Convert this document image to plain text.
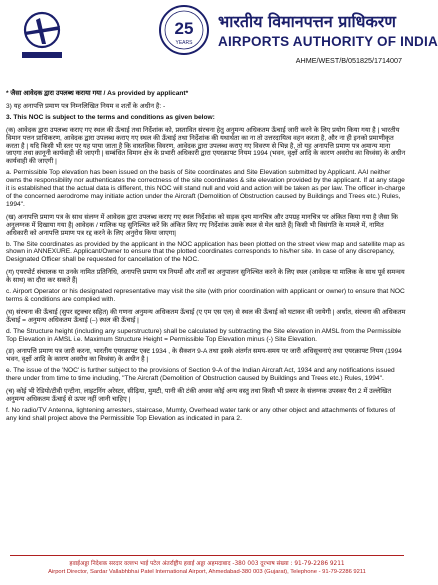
25
YEARS
भारतीय विमानपत्तन प्राधिकरण
AIRPORTS AUTHORITY OF INDIA
AHME/WEST/B/051825/1714007

* जैसा आवेदक द्वारा उपलब्ध कराया गया / As provided by applicant*

3) यह अनापत्ति प्रमाण पत्र निम्नलिखित नियम व शर्तों के अधीन है: -

3. This NOC is subject to the terms and conditions as given below:

(क) आवेदक द्वारा उपलब्ध कराए गए स्थल की ऊँचाई तथा निर्देशांक को, प्रस्तावित संरचना हेतु अनुमन्य अधिकतम ऊँचाई जारी करने के लिए प्रयोग किया गया है | भारतीय विमान पत्तन प्राधिकरण, आवेदक द्वारा उपलब्ध कराए गए स्थल की ऊँचाई तथा निर्देशांक की यथार्थता का ना तो उत्तरदायित्व वहन करता है, और ना ही इनको प्रमाणीकृत करता है | यदि किसी भी स्तर पर यह पाया जाता है कि वास्तविक विवरण, आवेदक द्वारा उपलब्ध कराए गए विवरण से भिन्न है, तो यह अनापत्ति प्रमाण पत्र अमान्य माना जाएगा तथा क़ानूनी कार्यवाही की जाएगी | सम्बंधित विमान क्षेत्र के प्रभारी अधिकारी द्वारा एयरक्राफ्ट नियम 1994 (भवन, वृक्षों आदि के कारण अवरोध का विध्वंस) के अधीन कार्यवाही की जाएगी |

a. Permissible Top elevation has been issued on the basis of Site coordinates and Site Elevation submitted by Applicant. AAI neither owns the responsibility nor authenticates the correctness of the site coordinates & site elevation provided by the applicant. If at any stage it is established that the actual data is different, this NOC will stand null and void and action will be taken as per law. The officer in-charge of the concerned aerodrome may initiate action under the Aircraft (Demolition of Obstruction caused by Buildings and Trees etc.) Rules, 1994".

(ख) अनापत्ति प्रमाण पत्र के साथ संलग्न में आवेदक द्वारा उपलब्ध कराए गए स्थल निर्देशांक को सड़क दृश्य मानचित्र और उपग्रह मानचित्र पर अंकित किया गया है जैसा कि अनुलग्नक में दिखाया गया है| आवेदक / मालिक यह सुनिश्चित करें कि अंकित किए गए निर्देशांक उसके स्थल से मेल खाते हैं| किसी भी विसंगति के मामले में, नामित अधिकारी को अनापत्ति प्रमाण पत्र रद्द करने के लिए अनुरोध किया जाएगा|

b. The Site coordinates as provided by the applicant in the NOC application has been plotted on the street view map and satellite map as shown in ANNEXURE. Applicant/Owner to ensure that the plotted coordinates corresponds to his/her site. In case of any discrepancy, Designated Officer shall be requested for cancellation of the NOC.

(ग) एयरपोर्ट संचालक या उनके नामित प्रतिनिधि, अनापत्ति प्रमाण पत्र नियमों और शर्तों का अनुपालन सुनिश्चित करने के लिए स्थल (आवेदक या मालिक के साथ पूर्व समन्वय के साथ) का दौरा कर सकते हैं|

c. Airport Operator or his designated representative may visit the site (with prior coordination with applicant or owner) to ensure that NOC terms & conditions are complied with.

(घ) संरचना की ऊँचाई (सुपर स्ट्रक्चर सहित) की गणना अनुमन्य अधिकतम ऊँचाई (ए एम एस एल) से स्थल की ऊँचाई को घटाकर की जायेगी | अर्थात, संरचना की अधिकतम ऊँचाई = अनुमन्य अधिकतम ऊँचाई (–) स्थल की ऊँचाई |

d. The Structure height (including any superstructure) shall be calculated by subtracting the Site elevation in AMSL from the Permissible Top Elevation in AMSL i.e. Maximum Structure Height = Permissible Top Elevation minus (-) Site Elevation.

(ङ) अनापत्ति प्रमाण पत्र जारी करना, भारतीय एयरक्राफ्ट एक्ट 1934 , के सैक्शन 9-A तथा इसके अंतर्गत समय-समय पर जारी अधिसूचनाएं तथा एयरक्राफ्ट नियम (1994 भवन, वृक्षों आदि के कारण अवरोध का विध्वंस) के अधीन है |

e. The issue of the 'NOC' is further subject to the provisions of Section 9-A of the Indian Aircraft Act, 1934 and any notifications issued there under from time to time including, "The Aircraft (Demolition of Obstruction caused by Buildings and Trees etc.) Rules, 1994".

(च) कोई भी रेडियो/टीवी एन्टीना, लाइटनिंग अरेस्टर, सीढ़िया, मुमटी, पानी की टंकी अथवा कोई अन्य वस्तु तथा किसी भी प्रकार के संलग्नक उपस्कर पैरा 2 में उल्लेखित अनुमन्य अधिकतम ऊँचाई से ऊपर नहीं जानी चाहिए |

f. No radio/TV Antenna, lightening arresters, staircase, Mumty, Overhead water tank or any other object and attachments of fixtures of any kind shall project above the Permissible Top Elevation as indicated in para 2.

हवाईअड्डा निदेशक सरदार वल्लभ भाई पटेल अंतर्राष्ट्रीय हवाई अड्डा अहमदाबाद -380 003 दूरभाष संख्या : 91-79-2286 9211
Airport Director, Sardar Vallabhbhai Patel International Airport, Ahmedabad-380 003 (Gujarat), Telephone - 91-79-2286 9211
